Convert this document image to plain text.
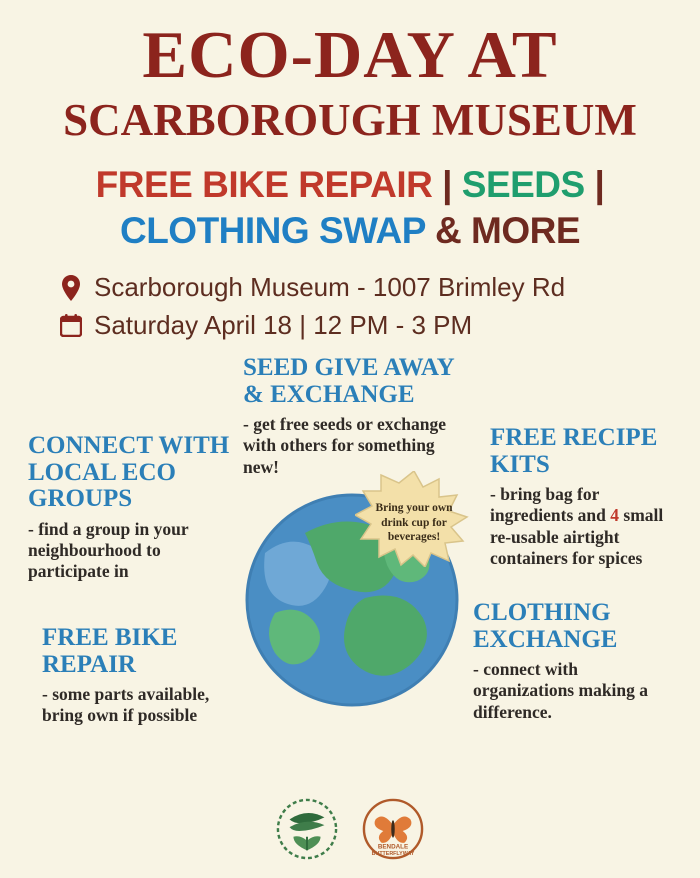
ECO-DAY AT
SCARBOROUGH MUSEUM
FREE BIKE REPAIR | SEEDS |
CLOTHING SWAP & MORE
Scarborough Museum - 1007 Brimley Rd
Saturday April 18 | 12 PM - 3 PM
SEED GIVE AWAY & EXCHANGE

- get free seeds or exchange with others for something new!

CONNECT WITH LOCAL ECO GROUPS

- find a group in your neighbourhood to participate in

FREE RECIPE KITS

- bring bag for ingredients and 4 small re-usable airtight containers for spices

FREE BIKE REPAIR

- some parts available, bring own if possible

CLOTHING EXCHANGE

- connect with organizations making a difference.

Bring your own drink cup for beverages!
BENDALE
BUTTERFLYWAY
